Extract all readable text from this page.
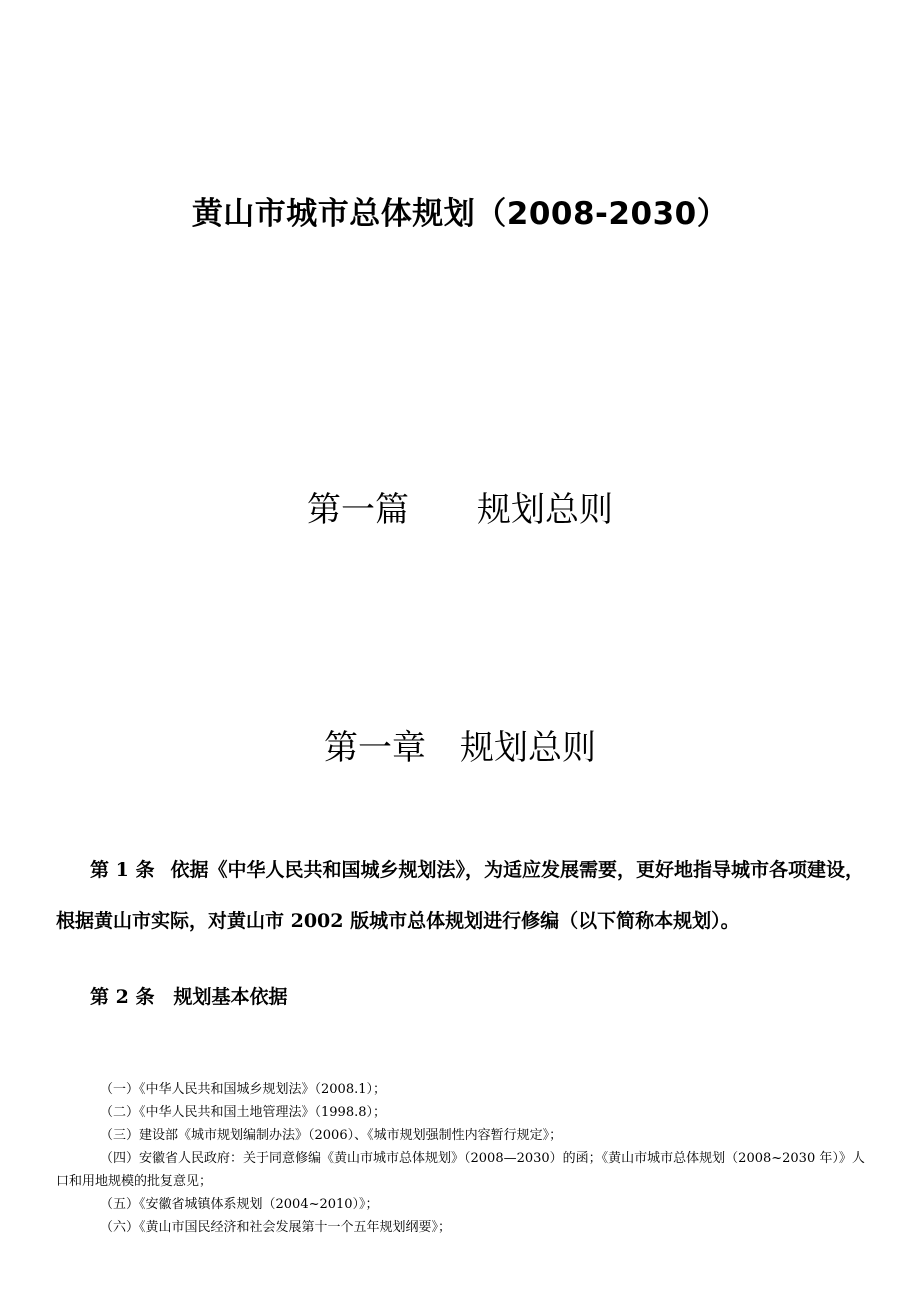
黄山市城市总体规划（2008-2030）
第一篇　　规划总则
第一章　规划总则

第 1 条 依据《中华人民共和国城乡规划法》，为适应发展需要，更好地指导城市各项建设，根据黄山市实际，对黄山市 2002 版城市总体规划进行修编（以下简称本规划）。

第 2 条　规划基本依据
（一）《中华人民共和国城乡规划法》（2008.1）；
（二）《中华人民共和国土地管理法》（1998.8）；
（三）建设部《城市规划编制办法》（2006）、《城市规划强制性内容暂行规定》；
（四）安徽省人民政府：关于同意修编《黄山市城市总体规划》（2008—2030）的函；《黄山市城市总体规划（2008~2030 年）》人口和用地规模的批复意见；
（五）《安徽省城镇体系规划（2004~2010）》；
（六）《黄山市国民经济和社会发展第十一个五年规划纲要》；
